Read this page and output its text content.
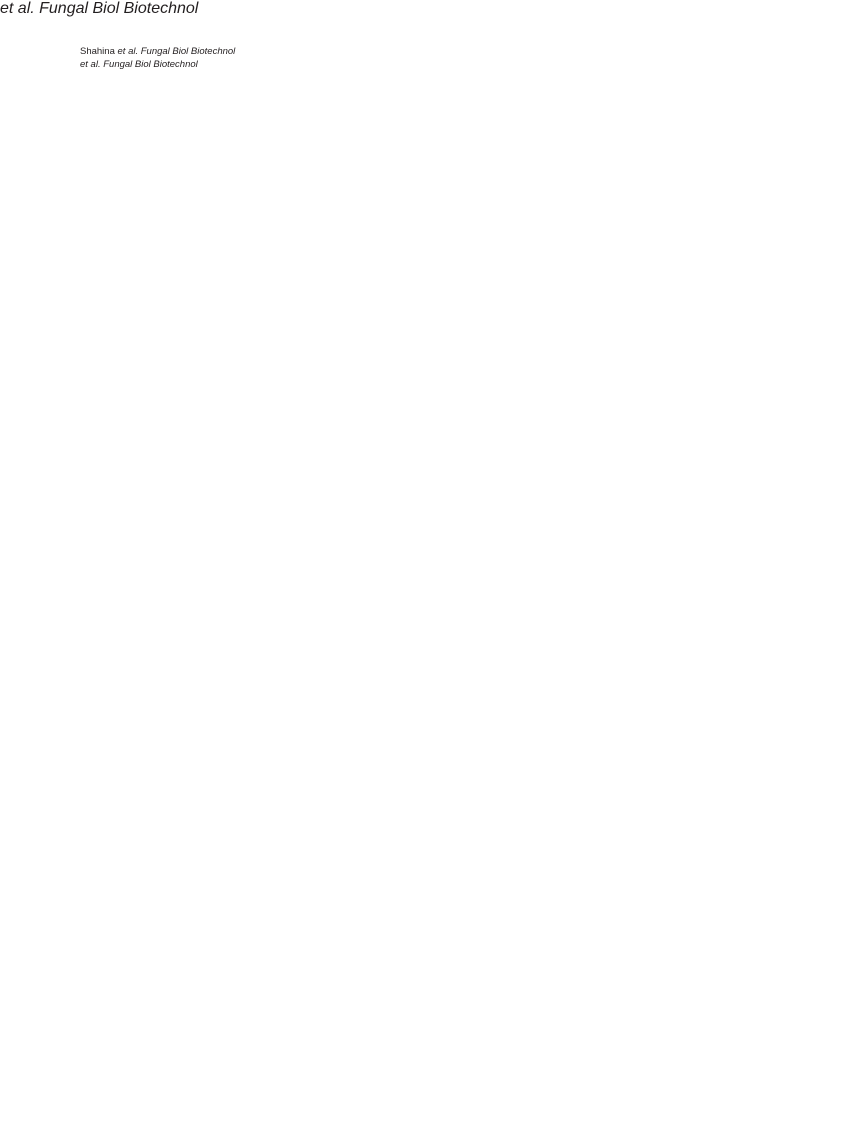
Shahina et al. Fungal Biol Biotechnol
et al. Fungal Biol Biotechnol
et al. Fungal Biol Biotechnol
